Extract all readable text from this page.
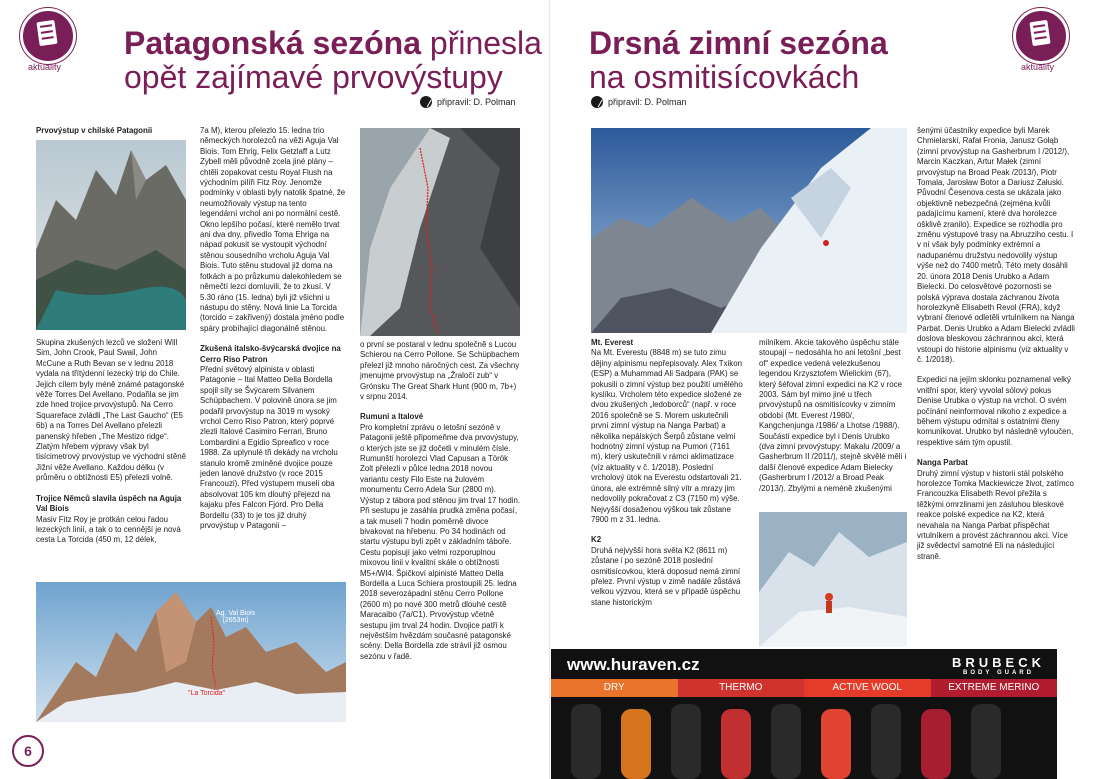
aktuality
Patagonská sezóna přinesla
opět zajímavé prvovýstupy
připravil: D. Polman
Prvovýstup v chilské Patagonii

Skupina zkušených lezců ve složení Will Sim, John Crook, Paul Swail, John McCune a Ruth Bevan se v lednu 2018 vydala na třítýdenní lezecký trip do Chile. Jejich cílem byly méně známé patagonské věže Torres Del Avellano. Podařila se jim zde hned trojice prvovýstupů. Na Cerro Squareface zvládli „The Last Gaucho“ (E5 6b) a na Torres Del Avellano přelezli panenský hřeben „The Mestizo ridge“. Zlatým hřebem výpravy však byl tisícimetrový prvovýstup ve východní stěně Jižní věže Avellano. Každou délku (v průměru o obtížnosti E5) přelezli volně.

Trojice Němců slavila úspěch na Aguja Val Biois

Masiv Fitz Roy je protkán celou řadou lezeckých linií, a tak o to cennější je nová cesta La Torcida (450 m, 12 délek,

7a M), kterou přelezlo 15. ledna trio německých horolezců na věži Aguja Val Biois. Tom Ehrig, Felix Getzlaff a Lutz Zybell měli původně zcela jiné plány – chtěli zopakovat cestu Royal Flush na východním pilíři Fitz Roy. Jenomže podmínky v oblasti byly natolik špatné, že neumožňovaly výstup na tento legendární vrchol ani po normální cestě. Okno lepšího počasí, které nemělo trvat ani dva dny, přivedlo Toma Ehriga na nápad pokusit se vystoupit východní stěnou sousedního vrcholu Aguja Val Biois. Tuto stěnu studoval již doma na fotkách a po průzkumu dalekohledem se němečtí lezci domluvili, že to zkusí. V 5.30 ráno (15. ledna) byli již všichni u nástupu do stěny. Nová linie La Torcida (torcido = zakřivený) dostala jméno podle spáry probíhající diagonálně stěnou.

Zkušená italsko-švýcarská dvojice na Cerro Riso Patron

Přední světový alpinista v oblasti Patagonie – Ital Matteo Della Bordella spojil síly se Švýcarem Silvanem Schüpbachem. V polovině února se jim podařil prvovýstup na 3019 m vysoký vrchol Cerro Riso Patron, který poprvé zlezli Italové Casimiro Ferrari, Bruno Lombardini a Egidio Spreafico v roce 1988. Za uplynulé tři dekády na vrcholu stanulo kromě zmíněné dvojice pouze jeden lanové družstvo (v roce 2015 Francouzi). Před výstupem museli oba absolvovat 105 km dlouhý přejezd na kajaku přes Falcon Fjord. Pro Della Bordellu (33) to je tos již druhý prvovýstup v Patagonii –

o první se postaral v lednu společně s Lucou Schierou na Cerro Pollone. Se Schüpbachem přelezl již mnoho náročných cest. Za všechny jmenujme prvovýstup na „Žraločí zub“ v Grónsku The Great Shark Hunt (900 m, 7b+) v srpnu 2014.

Rumuni a Italové

Pro kompletní zprávu o letošní sezóně v Patagonii ještě připomeňme dva prvovýstupy, o kterých jste se již dočetli v minulém čísle. Rumunští horolezci Vlad Capusan a Török Zolt přelezli v půlce ledna 2018 novou variantu cesty Filo Este na žulovém monumentu Cerro Adela Sur (2800 m). Výstup z tábora pod stěnou jim trval 17 hodin. Při sestupu je zasáhla prudká změna počasí, a tak museli 7 hodin poměrně divoce bivakovat na hřebenu. Po 34 hodinách od startu výstupu byli zpět v základním táboře. Cestu popisují jako velmi rozporuplnou mixovou linii v kvalitní skále o obtížnosti M5+/WI4. Špičkoví alpinisté Matteo Della Bordella a Luca Schiera prostoupili 25. ledna 2018 severozápadní stěnu Cerro Pollone (2600 m) po nové 300 metrů dlouhé cestě Maracaibo (7a/C1). Prvovýstup včetně sestupu jim trval 24 hodin. Dvojice patří k nejvěstším hvězdám současné patagonské scény. Della Bordella zde strávil již osmou sezónu v řadě.

Ag. Val Biois
(2653m)
"La Torcida"
6
aktuality
Drsná zimní sezóna
na osmitisícovkách
připravil: D. Polman
Mt. Everest

Na Mt. Everestu (8848 m) se tuto zimu dějiny alpinismu nepřepisovaly. Alex Txikon (ESP) a Muhammad Ali Sadpara (PAK) se pokusili o zimní výstup bez použití umělého kyslíku. Vrcholem této expedice složené ze dvou zkušených „ledoborců“ (např. v roce 2016 společně se S. Morem uskutečnili první zimní výstup na Nanga Parbat) a několika nepálských Šerpů zůstane velmi hodnotný zimní výstup na Pumori (7161 m), který uskutečnili v rámci aklimatizace (víz aktuality v č. 1/2018). Poslední vrcholový útok na Everestu odstartovali 21. února, ale extrémně silný vítr a mrazy jim nedovolily pokračovat z C3 (7150 m) výše. Nejvyšší dosaženou výškou tak zůstane 7900 m z 31. ledna.

K2

Druhá nejvyšší hora světa K2 (8611 m) zůstane i po sezóně 2018 poslední osmitisícovkou, která doposud nemá zimní přelez. První výstup v zimě nadále zůstává velkou výzvou, která se v případě úspěchu stane historickým

milníkem. Akcie takového úspěchu stále stoupají – nedosáhla ho ani letošní „best of“ expedice vedená velezkušenou legendou Krzysztofem Wielickim (67), který šéfoval zimní expedici na K2 v roce 2003. Sám byl mimo jiné u třech prvovýstupů na osmitisícovky v zimním období (Mt. Everest /1980/, Kangchenjunga /1986/ a Lhotse /1988/). Součástí expedice byl i Denis Urubko (dva zimní prvovýstupy: Makalu /2009/ a Gasherbrum II /2011/), stejně skvělé měli i další členové expedice Adam Bielecky (Gasherbrum I /2012/ a Broad Peak /2013/). Zbylými a neméně zkušenými

šenými účastníky expedice byli Marek Chmielarski, Rafał Fronia, Janusz Gołąb (zimní prvovýstup na Gasherbrum I /2012/), Marcin Kaczkan, Artur Małek (zimní prvovýstup na Broad Peak /2013/), Piotr Tomala, Jarosław Botor a Dariusz Załuski. Původní Česenova cesta se ukázala jako objektivně nebezpečná (zejména kvůli padajícímu kamení, které dva horolezce ošklivě zranilo). Expedice se rozhodla pro změnu výstupové trasy na Abruzziho cestu. I v ní však byly podmínky extrémní a nadupanému družstvu nedovolily výstup výše než do 7400 metrů. Této mety dosáhli 20. února 2018 Denis Urubko a Adam Bielecki. Do celosvětové pozornosti se polská výprava dostala záchranou života horolezkyně Elisabeth Revol (FRA), když vybraní členové odletěli vrtulníkem na Nanga Parbat. Denis Urubko a Adam Bielecki zvládli doslova bleskovou záchrannou akci, která vstoupí do historie alpinismu (viz aktuality v č. 1/2018).

Expedici na jejím sklonku poznamenal velký vnitřní spor, který vyvolal sólový pokus Denise Urubka o výstup na vrchol. O svém počínání neinformoval nikoho z expedice a během výstupu odmítal s ostatními členy komunikovat. Urubko byl následně vyloučen, respektive sám tým opustil.

Nanga Parbat

Druhý zimní výstup v historii stál polského horolezce Tomka Mackiewicze život, zatímco Francouzka Elisabeth Revol přežila s těžkými omrzlinami jen zásluhou bleskové reakce polské expedice na K2, která nevahala na Nanga Parbat přispěchat vrtulníkem a provést záchrannou akci. Více již svědectví samotné Eli na následující straně.

www.huraven.cz	BRUBECK
BODY GUARD
DRY	THERMO	ACTIVE WOOL	EXTREME MERINO
